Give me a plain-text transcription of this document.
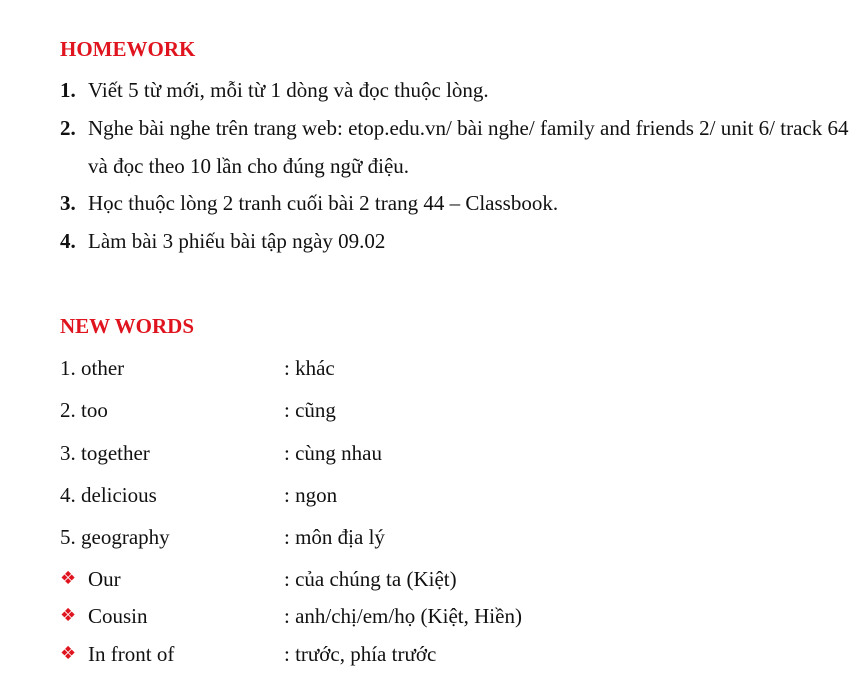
HOMEWORK
1. Viết 5 từ mới, mỗi từ 1 dòng và đọc thuộc lòng.
2. Nghe bài nghe trên trang web: etop.edu.vn/ bài nghe/ family and friends 2/ unit 6/ track 64 và đọc theo 10 lần cho đúng ngữ điệu.
3. Học thuộc lòng 2 tranh cuối bài 2 trang 44 – Classbook.
4. Làm bài 3 phiếu bài tập ngày 09.02
NEW WORDS
1. other	: khác
2. too	: cũng
3. together	: cùng nhau
4. delicious	: ngon
5. geography	: môn địa lý
❖ Our	: của chúng ta (Kiệt)
❖ Cousin	: anh/chị/em/họ (Kiệt, Hiền)
❖ In front of	: trước, phía trước
